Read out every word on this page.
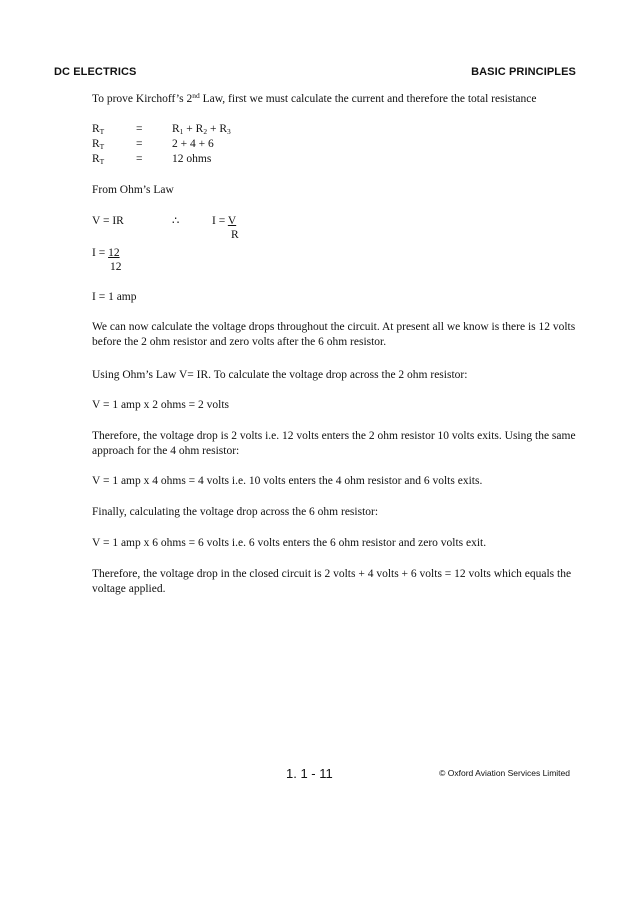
DC ELECTRICS	BASIC PRINCIPLES
To prove Kirchoff’s 2nd Law, first we must calculate the current and therefore the total resistance
$R_T$	=	$R_1 + R_2 + R_3$
$R_T$	=	2 + 4 + 6
$R_T$	=	12 ohms
From Ohm’s Law
V = IR	∴	I = V
R
I = 12
12
I = 1 amp
We can now calculate the voltage drops throughout the circuit. At present all we know is there is 12 volts before the 2 ohm resistor and zero volts after the 6 ohm resistor.
Using Ohm’s Law V= IR. To calculate the voltage drop across the 2 ohm resistor:
V = 1 amp x 2 ohms = 2 volts
Therefore, the voltage drop is 2 volts i.e. 12 volts enters the 2 ohm resistor 10 volts exits. Using the same approach for the 4 ohm resistor:
V = 1 amp x 4 ohms = 4 volts i.e. 10 volts enters the 4 ohm resistor and 6 volts exits.
Finally, calculating the voltage drop across the 6 ohm resistor:
V = 1 amp x 6 ohms = 6 volts i.e. 6 volts enters the 6 ohm resistor and zero volts exit.
Therefore, the voltage drop in the closed circuit is 2 volts + 4 volts + 6 volts = 12 volts which equals the voltage applied.
1. 1 - 11	© Oxford Aviation Services Limited
